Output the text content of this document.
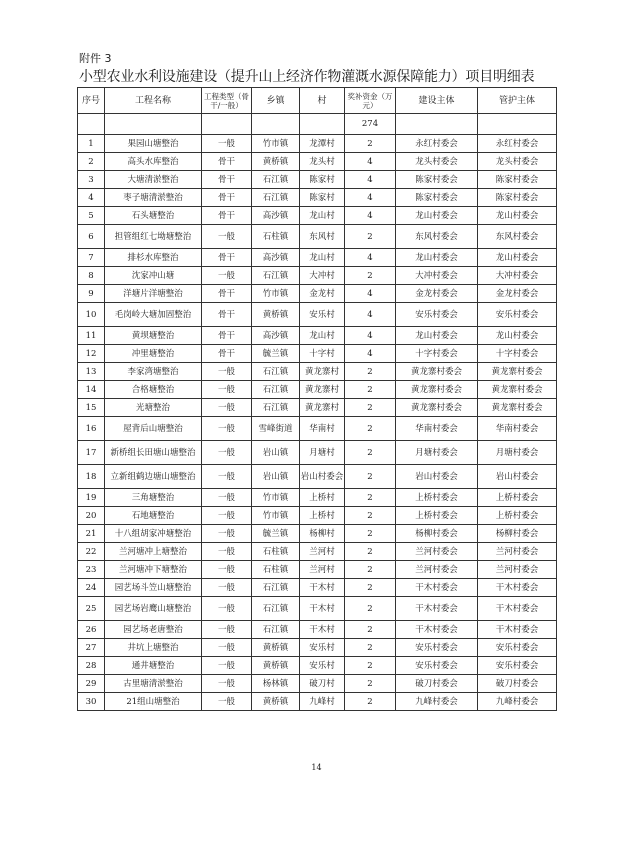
附件 3
小型农业水利设施建设（提升山上经济作物灌溉水源保障能力）项目明细表
序号	工程名称	工程类型（骨干/一般）	乡镇	村	奖补资金（万元）	建设主体	管护主体
					274		
1	果园山塘整治	一般	竹市镇	龙潭村	2	永红村委会	永红村委会
2	高头水库整治	骨干	黄桥镇	龙头村	4	龙头村委会	龙头村委会
3	大塘清淤整治	骨干	石江镇	陈家村	4	陈家村委会	陈家村委会
4	枣子塘清淤整治	骨干	石江镇	陈家村	4	陈家村委会	陈家村委会
5	石头塘整治	骨干	高沙镇	龙山村	4	龙山村委会	龙山村委会
6	担管组红七坳塘整治	一般	石柱镇	东风村	2	东风村委会	东风村委会
7	排杉水库整治	骨干	高沙镇	龙山村	4	龙山村委会	龙山村委会
8	沈家冲山塘	一般	石江镇	大冲村	2	大冲村委会	大冲村委会
9	洋塘片洋塘整治	骨干	竹市镇	金龙村	4	金龙村委会	金龙村委会
10	毛岗岭大塘加固整治	骨干	黄桥镇	安乐村	4	安乐村委会	安乐村委会
11	黄坝塘整治	骨干	高沙镇	龙山村	4	龙山村委会	龙山村委会
12	冲里塘整治	骨干	毓兰镇	十字村	4	十字村委会	十字村委会
13	李家湾塘整治	一般	石江镇	黄龙寨村	2	黄龙寨村委会	黄龙寨村委会
14	合格塘整治	一般	石江镇	黄龙寨村	2	黄龙寨村委会	黄龙寨村委会
15	光塘整治	一般	石江镇	黄龙寨村	2	黄龙寨村委会	黄龙寨村委会
16	屋背后山塘整治	一般	雪峰街道	华南村	2	华南村委会	华南村委会
17	新桥组长田塘山塘整治	一般	岩山镇	月塘村	2	月塘村委会	月塘村委会
18	立新组鹤边塘山塘整治	一般	岩山镇	岩山村委会	2	岩山村委会	岩山村委会
19	三角塘整治	一般	竹市镇	上桥村	2	上桥村委会	上桥村委会
20	石地塘整治	一般	竹市镇	上桥村	2	上桥村委会	上桥村委会
21	十八组胡家冲塘整治	一般	毓兰镇	杨柳村	2	杨柳村委会	杨柳村委会
22	兰河塘冲上塘整治	一般	石柱镇	兰河村	2	兰河村委会	兰河村委会
23	兰河塘冲下塘整治	一般	石柱镇	兰河村	2	兰河村委会	兰河村委会
24	园艺场斗笠山塘整治	一般	石江镇	干木村	2	干木村委会	干木村委会
25	园艺场岩鹰山塘整治	一般	石江镇	干木村	2	干木村委会	干木村委会
26	园艺场老唐整治	一般	石江镇	干木村	2	干木村委会	干木村委会
27	井坑上塘整治	一般	黄桥镇	安乐村	2	安乐村委会	安乐村委会
28	通井塘整治	一般	黄桥镇	安乐村	2	安乐村委会	安乐村委会
29	古里塘清淤整治	一般	杨林镇	破刀村	2	破刀村委会	破刀村委会
30	21组山塘整治	一般	黄桥镇	九峰村	2	九峰村委会	九峰村委会
14
